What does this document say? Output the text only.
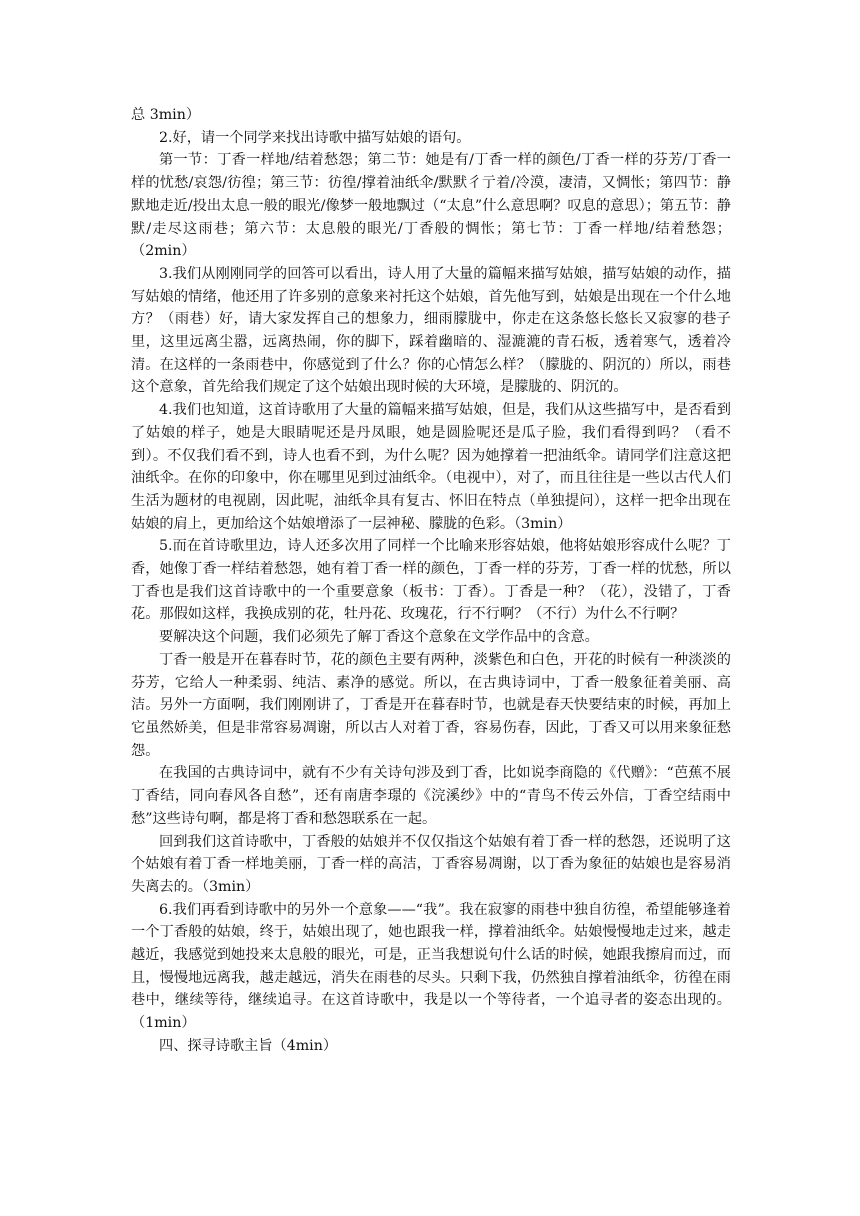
总 3min）

2.好，请一个同学来找出诗歌中描写姑娘的语句。

第一节：丁香一样地/结着愁怨；第二节：她是有/丁香一样的颜色/丁香一样的芬芳/丁香一样的忧愁/哀怨/彷徨；第三节：彷徨/撑着油纸伞/默默彳亍着/冷漠，凄清，又惆怅；第四节：静默地走近/投出太息一般的眼光/像梦一般地飘过（“太息”什么意思啊？叹息的意思）；第五节：静默/走尽这雨巷；第六节：太息般的眼光/丁香般的惆怅；第七节：丁香一样地/结着愁怨；（2min）

3.我们从刚刚同学的回答可以看出，诗人用了大量的篇幅来描写姑娘，描写姑娘的动作，描写姑娘的情绪，他还用了许多别的意象来衬托这个姑娘，首先他写到，姑娘是出现在一个什么地方？（雨巷）好，请大家发挥自己的想象力，细雨朦胧中，你走在这条悠长悠长又寂寥的巷子里，这里远离尘嚣，远离热闹，你的脚下，踩着幽暗的、湿漉漉的青石板，透着寒气，透着冷清。在这样的一条雨巷中，你感觉到了什么？你的心情怎么样？（朦胧的、阴沉的）所以，雨巷这个意象，首先给我们规定了这个姑娘出现时候的大环境，是朦胧的、阴沉的。

4.我们也知道，这首诗歌用了大量的篇幅来描写姑娘，但是，我们从这些描写中，是否看到了姑娘的样子，她是大眼睛呢还是丹凤眼，她是圆脸呢还是瓜子脸，我们看得到吗？（看不到）。不仅我们看不到，诗人也看不到，为什么呢？因为她撑着一把油纸伞。请同学们注意这把油纸伞。在你的印象中，你在哪里见到过油纸伞。（电视中），对了，而且往往是一些以古代人们生活为题材的电视剧，因此呢，油纸伞具有复古、怀旧在特点（单独提问），这样一把伞出现在姑娘的肩上，更加给这个姑娘增添了一层神秘、朦胧的色彩。（3min）

5.而在首诗歌里边，诗人还多次用了同样一个比喻来形容姑娘，他将姑娘形容成什么呢？丁香，她像丁香一样结着愁怨，她有着丁香一样的颜色，丁香一样的芬芳，丁香一样的忧愁，所以丁香也是我们这首诗歌中的一个重要意象（板书：丁香）。丁香是一种？（花），没错了，丁香花。那假如这样，我换成别的花，牡丹花、玫瑰花，行不行啊？（不行）为什么不行啊？

要解决这个问题，我们必须先了解丁香这个意象在文学作品中的含意。

丁香一般是开在暮春时节，花的颜色主要有两种，淡紫色和白色，开花的时候有一种淡淡的芬芳，它给人一种柔弱、纯洁、素净的感觉。所以，在古典诗词中，丁香一般象征着美丽、高洁。另外一方面啊，我们刚刚讲了，丁香是开在暮春时节，也就是春天快要结束的时候，再加上它虽然娇美，但是非常容易凋谢，所以古人对着丁香，容易伤春，因此，丁香又可以用来象征愁怨。

在我国的古典诗词中，就有不少有关诗句涉及到丁香，比如说李商隐的《代赠》：“芭蕉不展丁香结，同向春风各自愁”，还有南唐李璟的《浣溪纱》中的“青鸟不传云外信，丁香空结雨中愁”这些诗句啊，都是将丁香和愁怨联系在一起。

回到我们这首诗歌中，丁香般的姑娘并不仅仅指这个姑娘有着丁香一样的愁怨，还说明了这个姑娘有着丁香一样地美丽，丁香一样的高洁，丁香容易凋谢，以丁香为象征的姑娘也是容易消失离去的。（3min）

6.我们再看到诗歌中的另外一个意象——“我”。我在寂寥的雨巷中独自彷徨，希望能够逢着一个丁香般的姑娘，终于，姑娘出现了，她也跟我一样，撑着油纸伞。姑娘慢慢地走过来，越走越近，我感觉到她投来太息般的眼光，可是，正当我想说句什么话的时候，她跟我擦肩而过，而且，慢慢地远离我，越走越远，消失在雨巷的尽头。只剩下我，仍然独自撑着油纸伞，彷徨在雨巷中，继续等待，继续追寻。在这首诗歌中，我是以一个等待者，一个追寻者的姿态出现的。（1min）

四、探寻诗歌主旨（4min）
